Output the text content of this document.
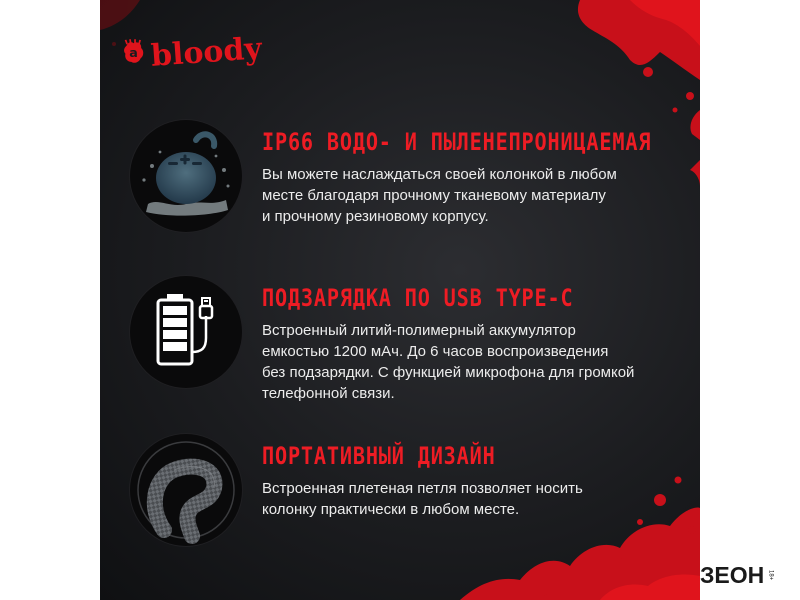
a bloody
IP66 ВОДО- И ПЫЛЕНЕПРОНИЦАЕМАЯ
Вы можете наслаждаться своей колонкой в любом
месте благодаря прочному тканевому материалу
и прочному резиновому корпусу.
ПОДЗАРЯДКА ПО USB TYPE-C
Встроенный литий-полимерный аккумулятор
емкостью 1200 мАч. До 6 часов воспроизведения
без подзарядки. С функцией микрофона для громкой
телефонной связи.
ПОРТАТИВНЫЙ ДИЗАЙН
Встроенная плетеная петля позволяет носить
колонку практически в любом месте.
ЗЕОН 18+
